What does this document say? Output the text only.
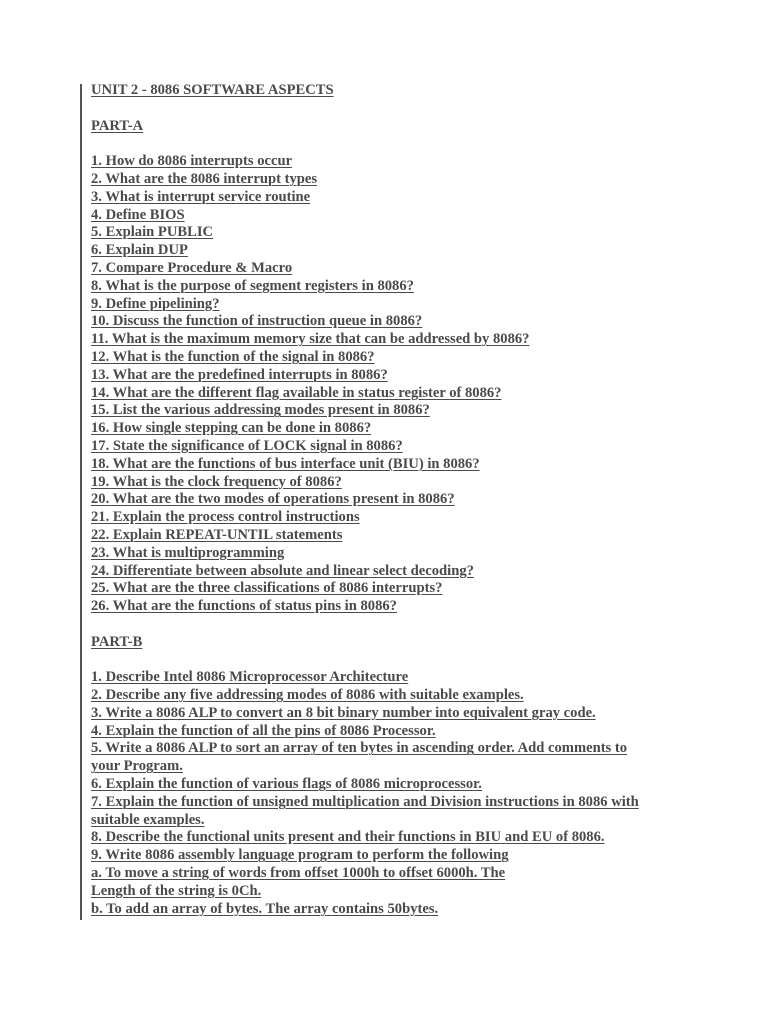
UNIT 2 - 8086 SOFTWARE ASPECTS
PART-A
1. How do 8086 interrupts occur
2. What are the 8086 interrupt types
3. What is interrupt service routine
4. Define BIOS
5. Explain PUBLIC
6. Explain DUP
7. Compare Procedure & Macro
8. What is the purpose of segment registers in 8086?
9. Define pipelining?
10. Discuss the function of instruction queue in 8086?
11. What is the maximum memory size that can be addressed by 8086?
12. What is the function of the signal in 8086?
13. What are the predefined interrupts in 8086?
14. What are the different flag available in status register of 8086?
15. List the various addressing modes present in 8086?
16. How single stepping can be done in 8086?
17. State the significance of LOCK signal in 8086?
18. What are the functions of bus interface unit (BIU) in 8086?
19. What is the clock frequency of 8086?
20. What are the two modes of operations present in 8086?
21. Explain the process control instructions
22. Explain REPEAT-UNTIL statements
23. What is multiprogramming
24. Differentiate between absolute and linear select decoding?
25. What are the three classifications of 8086 interrupts?
26. What are the functions of status pins in 8086?
PART-B
1. Describe Intel 8086 Microprocessor Architecture
2. Describe any five addressing modes of 8086 with suitable examples.
3. Write a 8086 ALP to convert an 8 bit binary number into equivalent gray code.
4. Explain the function of all the pins of 8086 Processor.
5. Write a 8086 ALP to sort an array of ten bytes in ascending order. Add comments to
your Program.
6. Explain the function of various flags of 8086 microprocessor.
7. Explain the function of unsigned multiplication and Division instructions in 8086 with
suitable examples.
8. Describe the functional units present and their functions in BIU and EU of 8086.
9. Write 8086 assembly language program to perform the following
a. To move a string of words from offset 1000h to offset 6000h. The
Length of the string is 0Ch.
b. To add an array of bytes. The array contains 50bytes.
